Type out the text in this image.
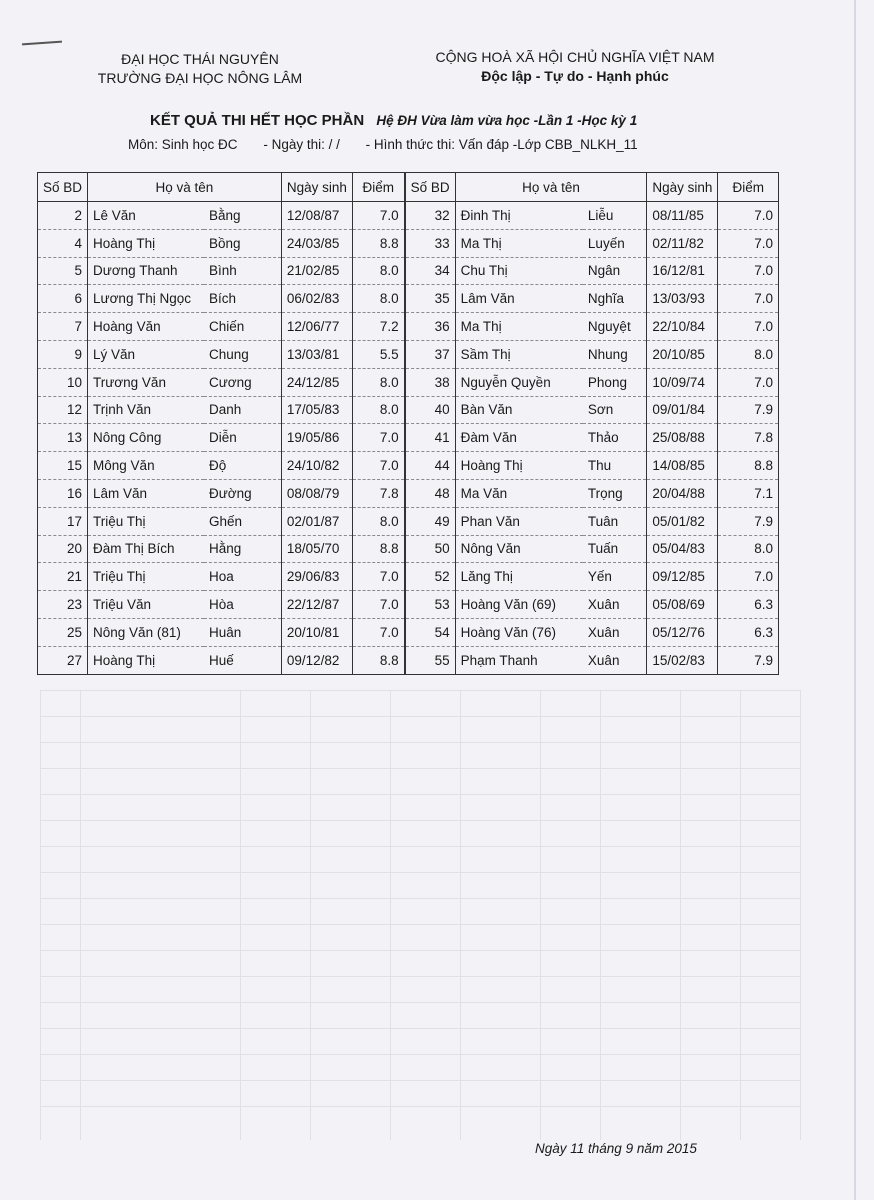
ĐẠI HỌC THÁI NGUYÊN
TRƯỜNG ĐẠI HỌC NÔNG LÂM
CỘNG HOÀ XÃ HỘI CHỦ NGHĨA VIỆT NAM
Độc lập - Tự do - Hạnh phúc
KẾT QUẢ THI HẾT HỌC PHẦN Hệ ĐH Vừa làm vừa học -Lần 1 -Học kỳ 1
Môn: Sinh học ĐC - Ngày thi: / / - Hình thức thi: Vấn đáp -Lớp CBB_NLKH_11
Số BD	Họ và tên		Ngày sinh	Điểm	Số BD	Họ và tên		Ngày sinh	Điểm
2	Lê Văn	Bằng	12/08/87	7.0	32	Đinh Thị	Liễu	08/11/85	7.0
4	Hoàng Thị	Bồng	24/03/85	8.8	33	Ma Thị	Luyến	02/11/82	7.0
5	Dương Thanh	Bình	21/02/85	8.0	34	Chu Thị	Ngân	16/12/81	7.0
6	Lương Thị Ngọc	Bích	06/02/83	8.0	35	Lâm Văn	Nghĩa	13/03/93	7.0
7	Hoàng Văn	Chiến	12/06/77	7.2	36	Ma Thị	Nguyệt	22/10/84	7.0
9	Lý Văn	Chung	13/03/81	5.5	37	Sầm Thị	Nhung	20/10/85	8.0
10	Trương Văn	Cương	24/12/85	8.0	38	Nguyễn Quyền	Phong	10/09/74	7.0
12	Trịnh Văn	Danh	17/05/83	8.0	40	Bàn Văn	Sơn	09/01/84	7.9
13	Nông Công	Diễn	19/05/86	7.0	41	Đàm Văn	Thảo	25/08/88	7.8
15	Mông Văn	Độ	24/10/82	7.0	44	Hoàng Thị	Thu	14/08/85	8.8
16	Lâm Văn	Đường	08/08/79	7.8	48	Ma Văn	Trọng	20/04/88	7.1
17	Triệu Thị	Ghến	02/01/87	8.0	49	Phan Văn	Tuân	05/01/82	7.9
20	Đàm Thị Bích	Hằng	18/05/70	8.8	50	Nông Văn	Tuấn	05/04/83	8.0
21	Triệu Thị	Hoa	29/06/83	7.0	52	Lăng Thị	Yến	09/12/85	7.0
23	Triệu Văn	Hòa	22/12/87	7.0	53	Hoàng Văn (69)	Xuân	05/08/69	6.3
25	Nông Văn (81)	Huân	20/10/81	7.0	54	Hoàng Văn (76)	Xuân	05/12/76	6.3
27	Hoàng Thị	Huế	09/12/82	8.8	55	Phạm Thanh	Xuân	15/02/83	7.9
Ngày 11 tháng 9 năm 2015
